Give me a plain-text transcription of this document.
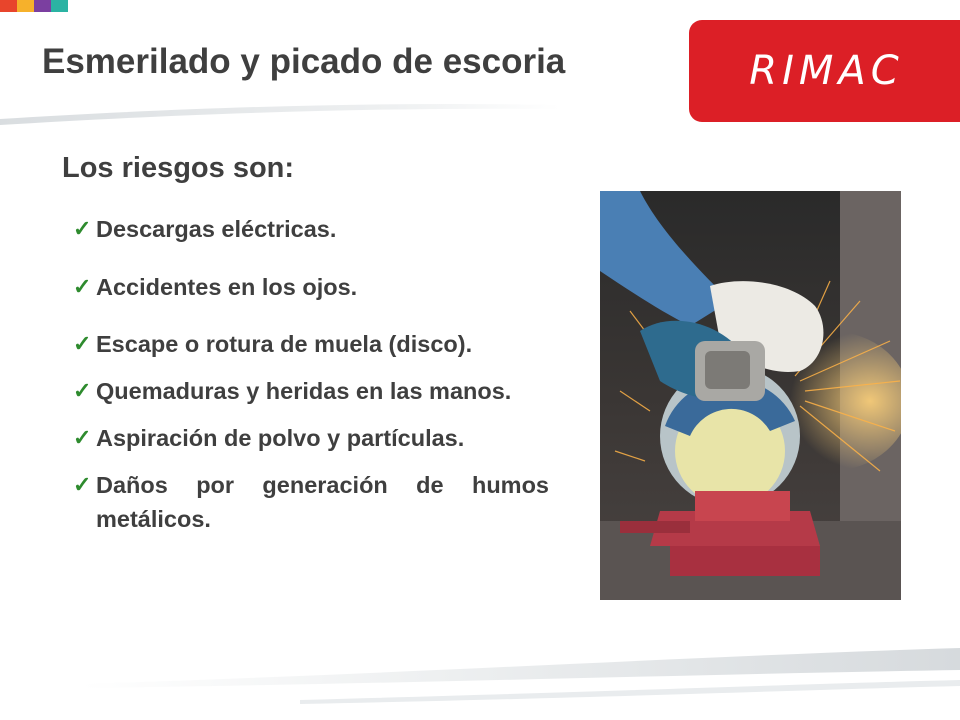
Esmerilado y picado de escoria	RIMAC
Los riesgos son:
✓ Descargas eléctricas.
✓ Accidentes en los ojos.
✓ Escape o rotura de muela (disco).
✓ Quemaduras y heridas en las manos.
✓ Aspiración de polvo y partículas.
✓ Daños por generación de humos metálicos.
